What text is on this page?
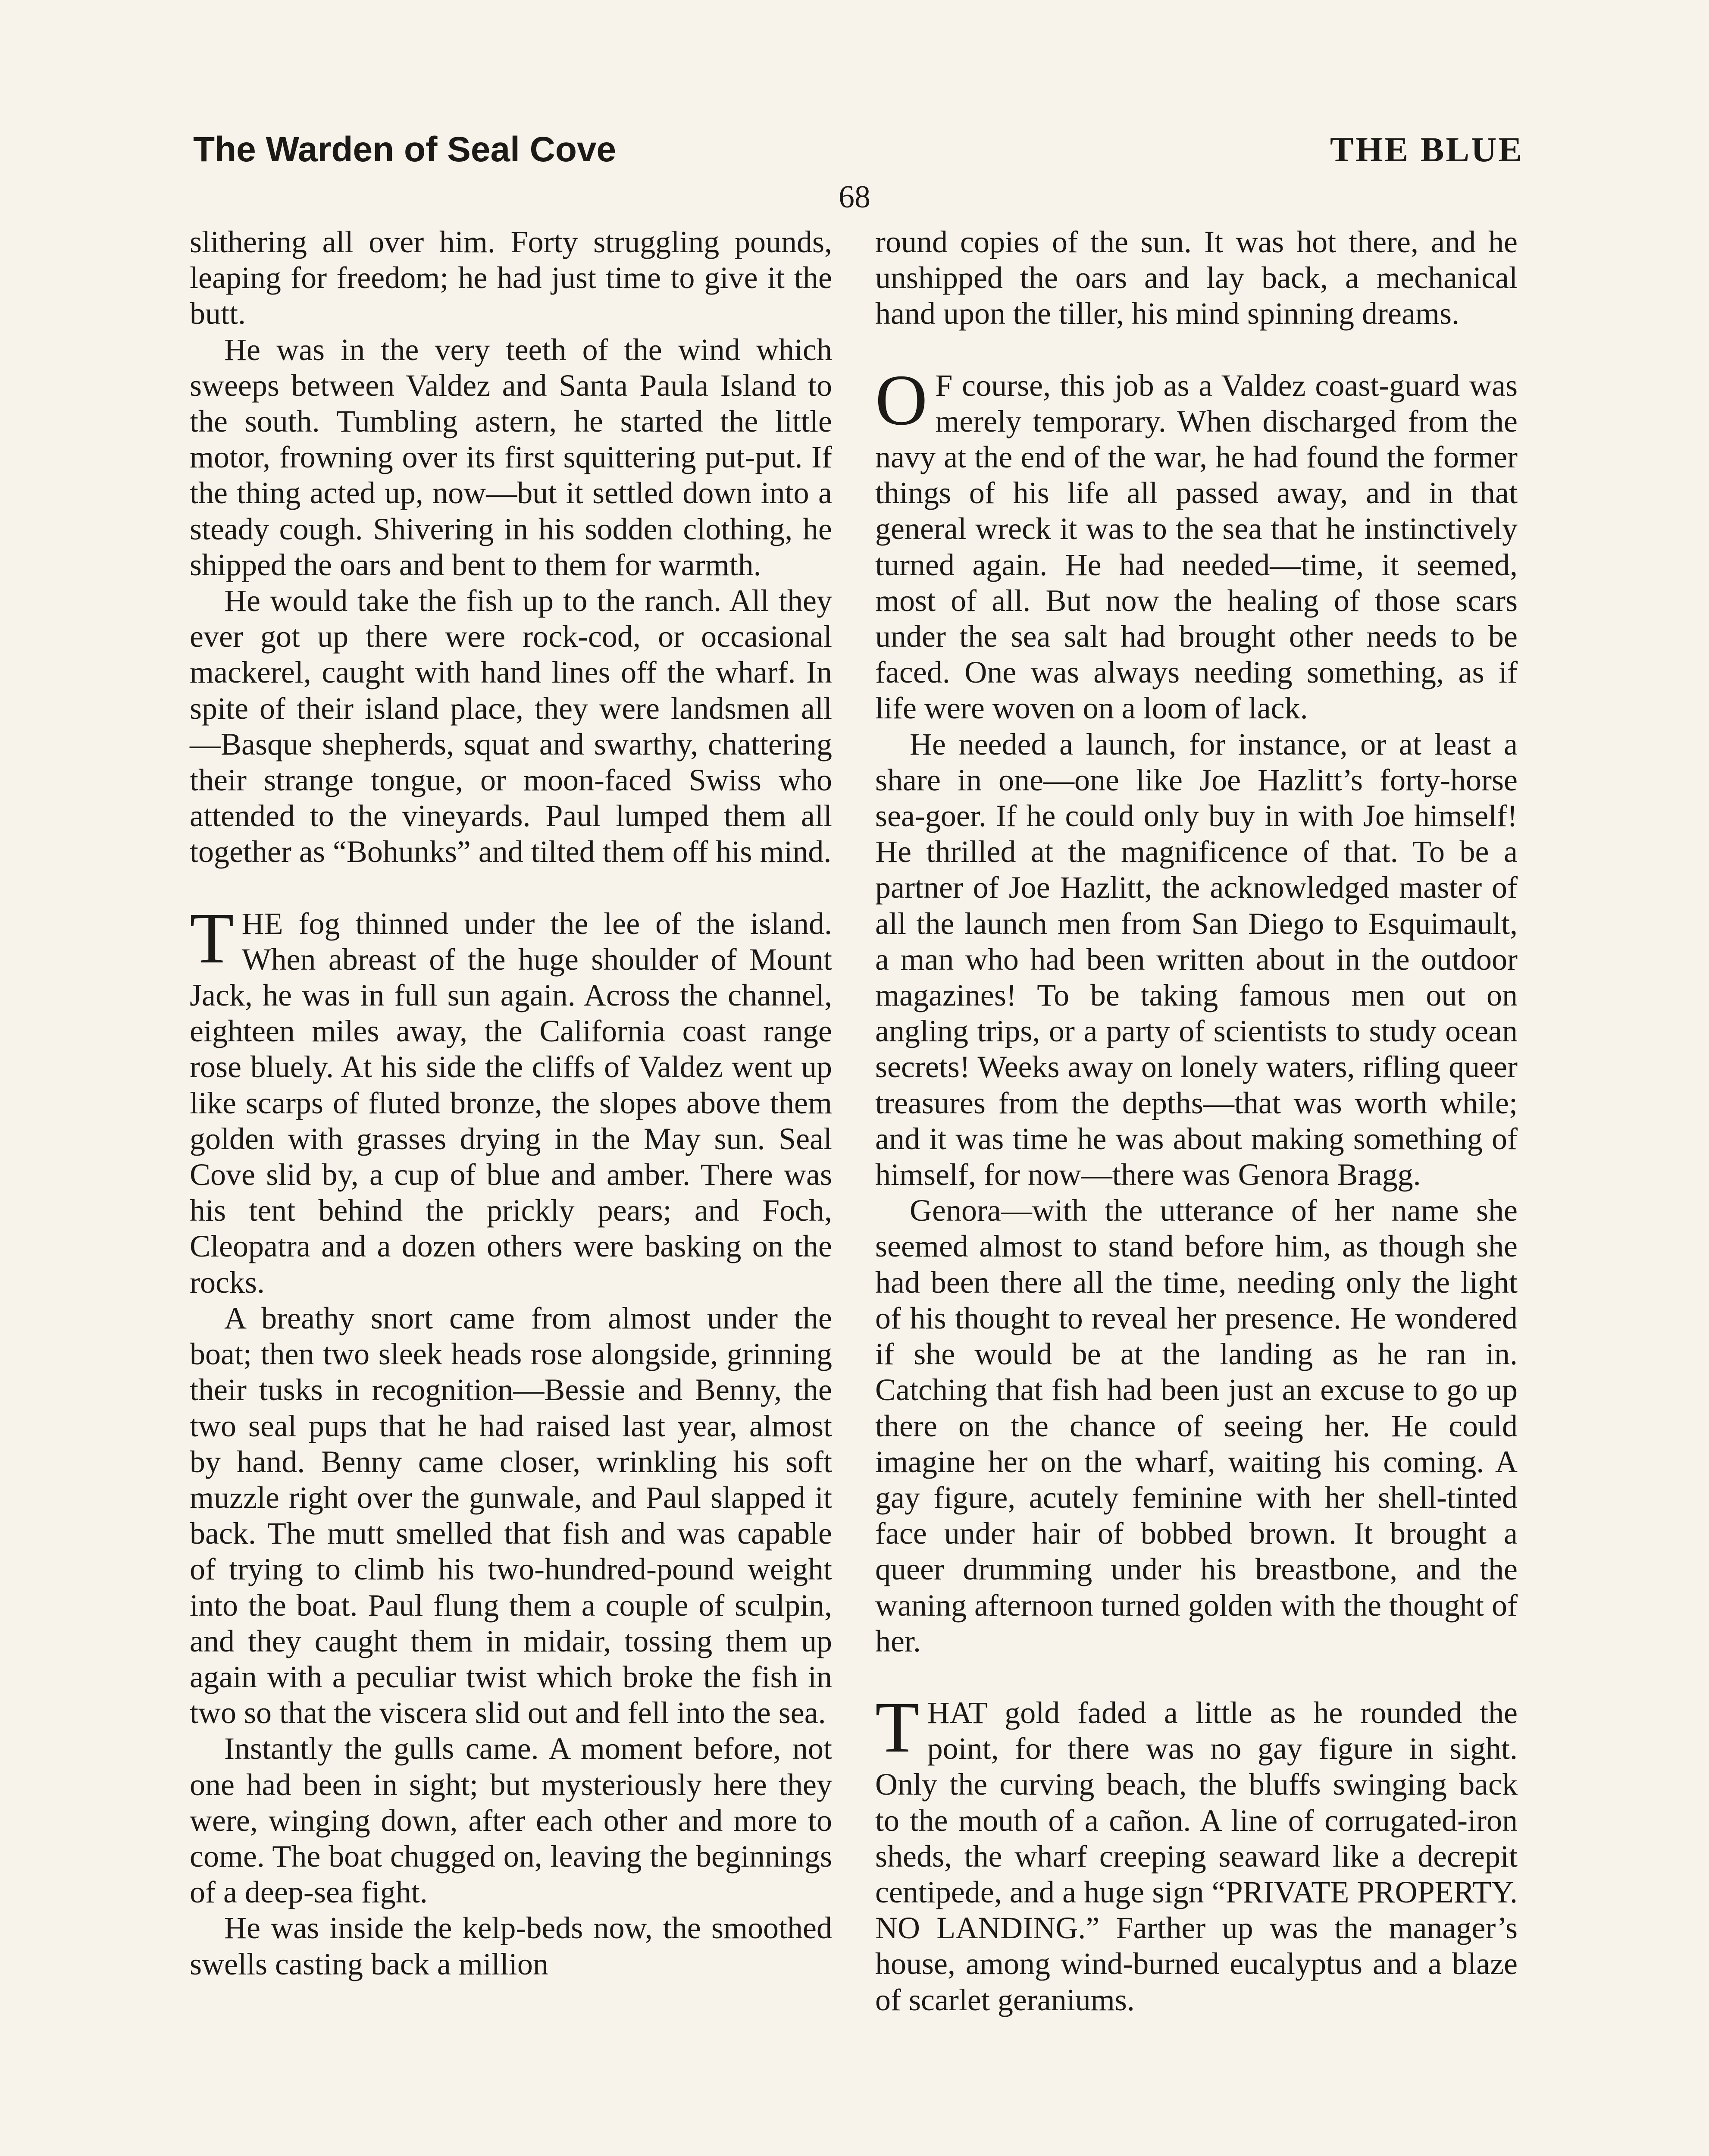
The Warden of Seal Cove	THE BLUE
68

slithering all over him. Forty struggling pounds, leaping for freedom; he had just time to give it the butt.

He was in the very teeth of the wind which sweeps between Valdez and Santa Paula Island to the south. Tumbling astern, he started the little motor, frowning over its first squittering put-put. If the thing acted up, now—but it settled down into a steady cough. Shivering in his sodden clothing, he shipped the oars and bent to them for warmth.

He would take the fish up to the ranch. All they ever got up there were rock-cod, or occasional mackerel, caught with hand lines off the wharf. In spite of their island place, they were landsmen all—Basque shepherds, squat and swarthy, chattering their strange tongue, or moon-faced Swiss who attended to the vineyards. Paul lumped them all together as “Bohunks” and tilted them off his mind.

THE fog thinned under the lee of the island. When abreast of the huge shoulder of Mount Jack, he was in full sun again. Across the channel, eighteen miles away, the California coast range rose bluely. At his side the cliffs of Valdez went up like scarps of fluted bronze, the slopes above them golden with grasses drying in the May sun. Seal Cove slid by, a cup of blue and amber. There was his tent behind the prickly pears; and Foch, Cleopatra and a dozen others were basking on the rocks.

A breathy snort came from almost under the boat; then two sleek heads rose alongside, grinning their tusks in recognition—Bessie and Benny, the two seal pups that he had raised last year, almost by hand. Benny came closer, wrinkling his soft muzzle right over the gunwale, and Paul slapped it back. The mutt smelled that fish and was capable of trying to climb his two-hundred-pound weight into the boat. Paul flung them a couple of sculpin, and they caught them in midair, tossing them up again with a peculiar twist which broke the fish in two so that the viscera slid out and fell into the sea.

Instantly the gulls came. A moment before, not one had been in sight; but mysteriously here they were, winging down, after each other and more to come. The boat chugged on, leaving the beginnings of a deep-sea fight.

He was inside the kelp-beds now, the smoothed swells casting back a million

round copies of the sun. It was hot there, and he unshipped the oars and lay back, a mechanical hand upon the tiller, his mind spinning dreams.

O F course, this job as a Valdez coast-guard was merely temporary. When discharged from the navy at the end of the war, he had found the former things of his life all passed away, and in that general wreck it was to the sea that he instinctively turned again. He had needed—time, it seemed, most of all. But now the healing of those scars under the sea salt had brought other needs to be faced. One was always needing something, as if life were woven on a loom of lack.

He needed a launch, for instance, or at least a share in one—one like Joe Hazlitt’s forty-horse sea-goer. If he could only buy in with Joe himself! He thrilled at the magnificence of that. To be a partner of Joe Hazlitt, the acknowledged master of all the launch men from San Diego to Esquimault, a man who had been written about in the outdoor magazines! To be taking famous men out on angling trips, or a party of scientists to study ocean secrets! Weeks away on lonely waters, rifling queer treasures from the depths—that was worth while; and it was time he was about making something of himself, for now—there was Genora Bragg.

Genora—with the utterance of her name she seemed almost to stand before him, as though she had been there all the time, needing only the light of his thought to reveal her presence. He wondered if she would be at the landing as he ran in. Catching that fish had been just an excuse to go up there on the chance of seeing her. He could imagine her on the wharf, waiting his coming. A gay figure, acutely feminine with her shell-tinted face under hair of bobbed brown. It brought a queer drumming under his breastbone, and the waning afternoon turned golden with the thought of her.

THAT gold faded a little as he rounded the point, for there was no gay figure in sight. Only the curving beach, the bluffs swinging back to the mouth of a cañon. A line of corrugated-iron sheds, the wharf creeping seaward like a decrepit centipede, and a huge sign “PRIVATE PROPERTY. NO LANDING.” Farther up was the manager’s house, among wind-burned eucalyptus and a blaze of scarlet geraniums.
